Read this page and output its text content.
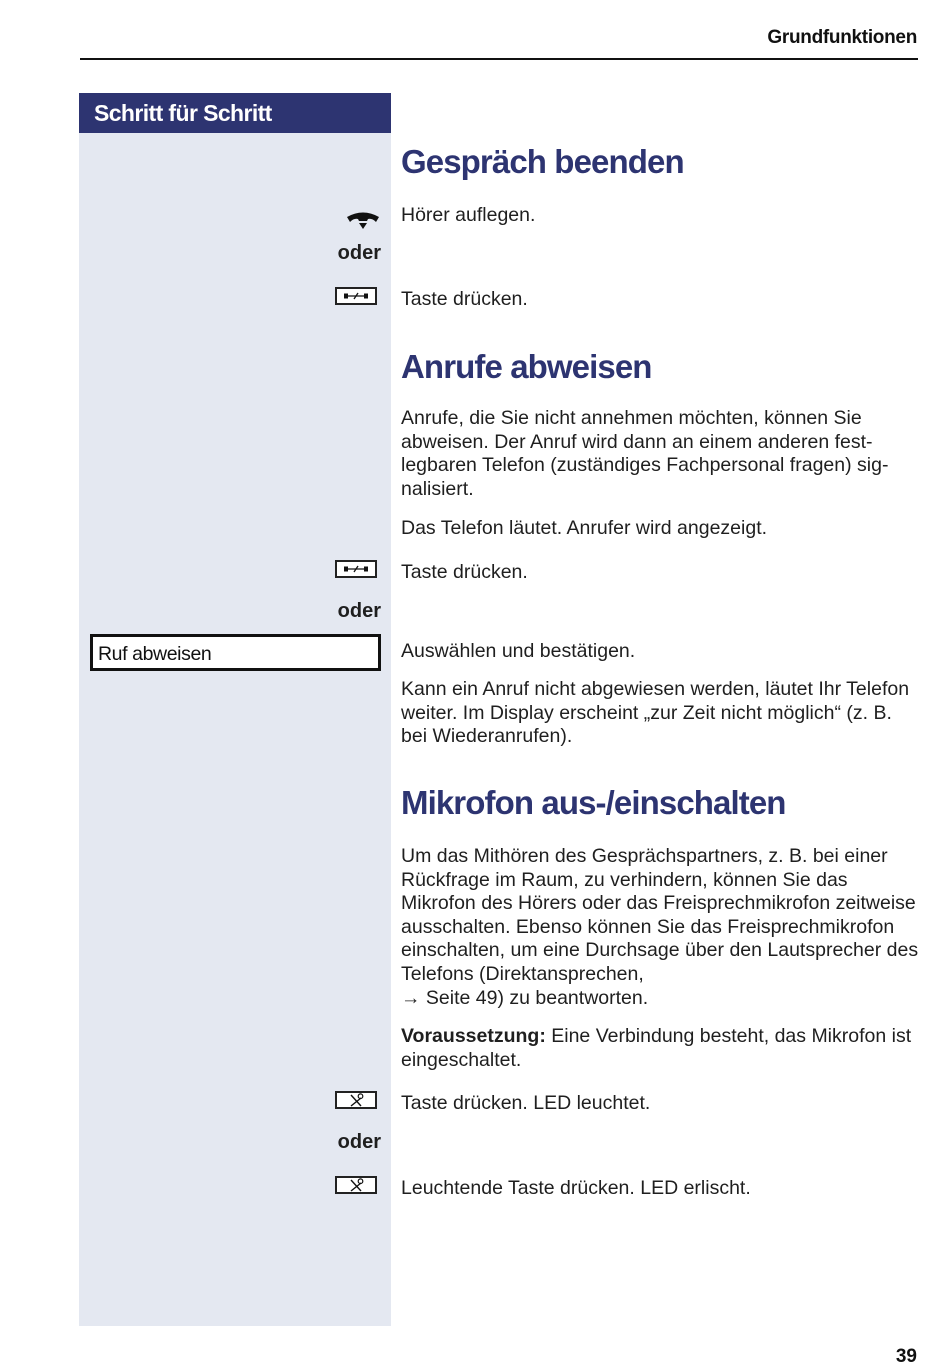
Grundfunktionen
Schritt für Schritt
Gespräch beenden

Hörer auflegen.

oder

Taste drücken.

Anrufe abweisen

Anrufe, die Sie nicht annehmen möchten, können Sie abweisen. Der Anruf wird dann an einem anderen festlegbaren Telefon (zuständiges Fachpersonal fragen) signalisiert.

Das Telefon läutet. Anrufer wird angezeigt.

Taste drücken.

oder
Ruf abweisen	Auswählen und bestätigen.

Kann ein Anruf nicht abgewiesen werden, läutet Ihr Telefon weiter. Im Display erscheint „zur Zeit nicht möglich“ (z. B. bei Wiederanrufen).

Mikrofon aus-/einschalten

Um das Mithören des Gesprächspartners, z. B. bei einer Rückfrage im Raum, zu verhindern, können Sie das Mikrofon des Hörers oder das Freisprechmikrofon zeitweise ausschalten. Ebenso können Sie das Freisprechmikrofon einschalten, um eine Durchsage über den Lautsprecher des Telefons (Direktansprechen,
→ Seite 49) zu beantworten.

Voraussetzung: Eine Verbindung besteht, das Mikrofon ist eingeschaltet.

Taste drücken. LED leuchtet.

oder

Leuchtende Taste drücken. LED erlischt.

39
